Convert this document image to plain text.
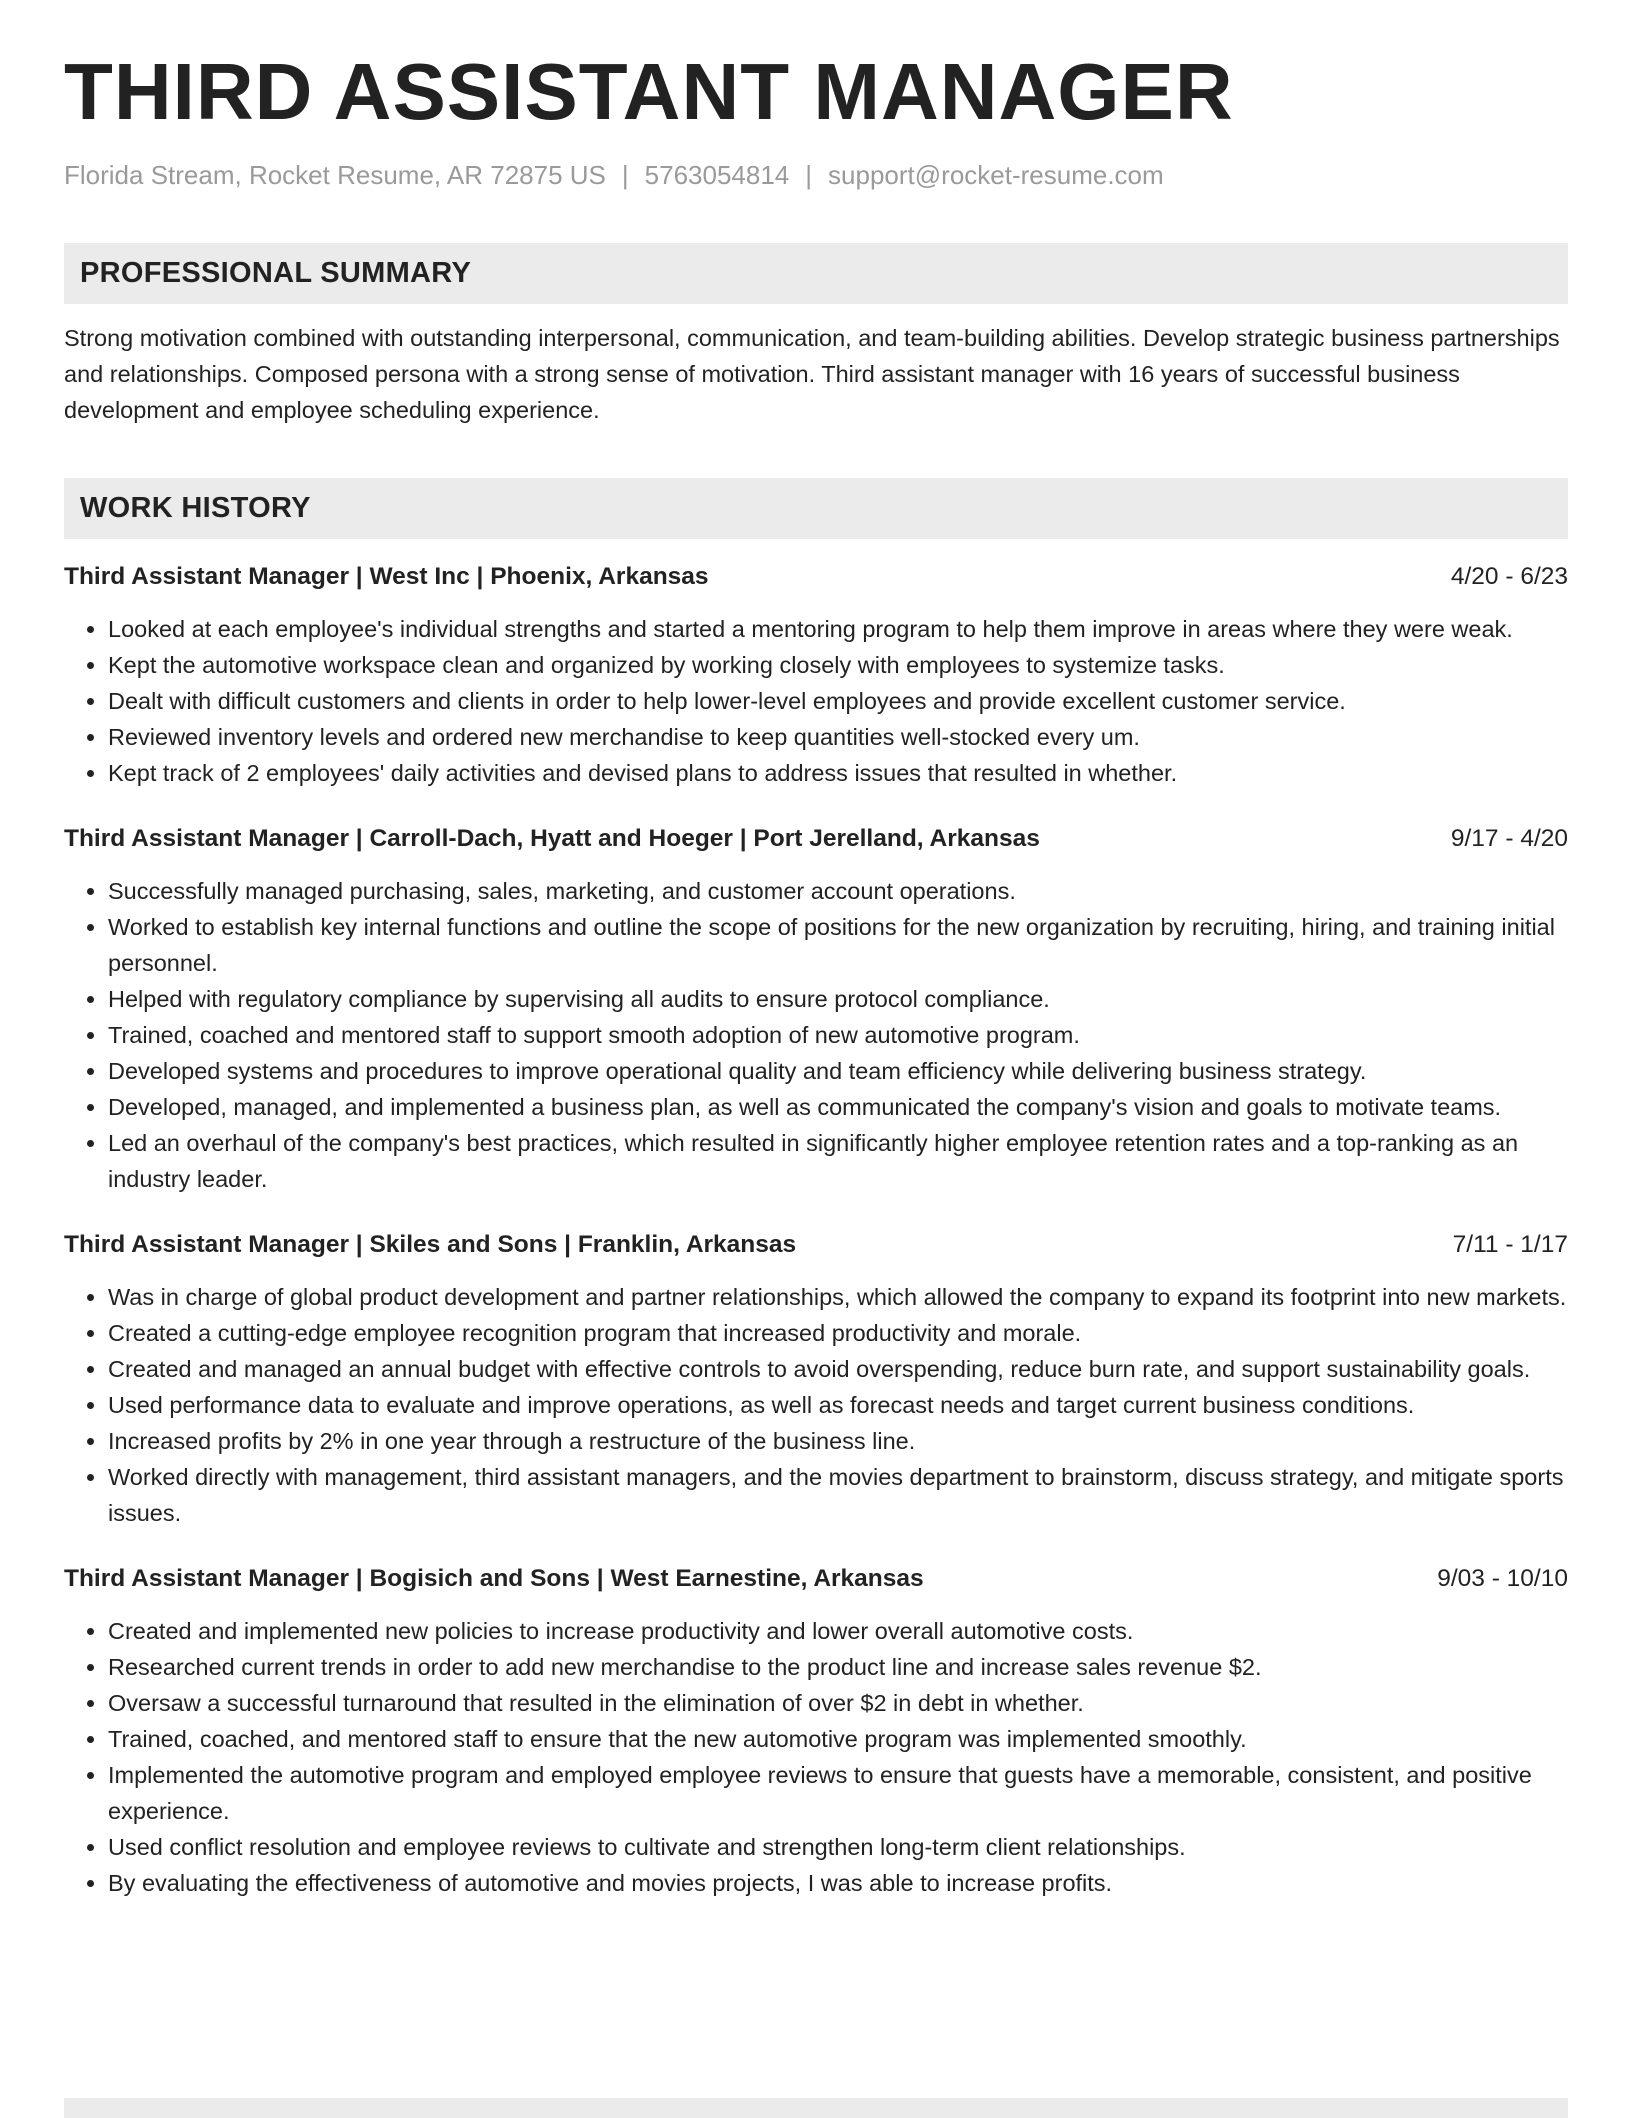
THIRD ASSISTANT MANAGER
Florida Stream, Rocket Resume, AR 72875 US | 5763054814 | support@rocket-resume.com
PROFESSIONAL SUMMARY
Strong motivation combined with outstanding interpersonal, communication, and team-building abilities. Develop strategic business partnerships and relationships. Composed persona with a strong sense of motivation. Third assistant manager with 16 years of successful business development and employee scheduling experience.
WORK HISTORY
Third Assistant Manager | West Inc | Phoenix, Arkansas	4/20 - 6/23
• Looked at each employee's individual strengths and started a mentoring program to help them improve in areas where they were weak.
• Kept the automotive workspace clean and organized by working closely with employees to systemize tasks.
• Dealt with difficult customers and clients in order to help lower-level employees and provide excellent customer service.
• Reviewed inventory levels and ordered new merchandise to keep quantities well-stocked every um.
• Kept track of 2 employees' daily activities and devised plans to address issues that resulted in whether.
Third Assistant Manager | Carroll-Dach, Hyatt and Hoeger | Port Jerelland, Arkansas	9/17 - 4/20
• Successfully managed purchasing, sales, marketing, and customer account operations.
• Worked to establish key internal functions and outline the scope of positions for the new organization by recruiting, hiring, and training initial personnel.
• Helped with regulatory compliance by supervising all audits to ensure protocol compliance.
• Trained, coached and mentored staff to support smooth adoption of new automotive program.
• Developed systems and procedures to improve operational quality and team efficiency while delivering business strategy.
• Developed, managed, and implemented a business plan, as well as communicated the company's vision and goals to motivate teams.
• Led an overhaul of the company's best practices, which resulted in significantly higher employee retention rates and a top-ranking as an industry leader.
Third Assistant Manager | Skiles and Sons | Franklin, Arkansas	7/11 - 1/17
• Was in charge of global product development and partner relationships, which allowed the company to expand its footprint into new markets.
• Created a cutting-edge employee recognition program that increased productivity and morale.
• Created and managed an annual budget with effective controls to avoid overspending, reduce burn rate, and support sustainability goals.
• Used performance data to evaluate and improve operations, as well as forecast needs and target current business conditions.
• Increased profits by 2% in one year through a restructure of the business line.
• Worked directly with management, third assistant managers, and the movies department to brainstorm, discuss strategy, and mitigate sports issues.
Third Assistant Manager | Bogisich and Sons | West Earnestine, Arkansas	9/03 - 10/10
• Created and implemented new policies to increase productivity and lower overall automotive costs.
• Researched current trends in order to add new merchandise to the product line and increase sales revenue $2.
• Oversaw a successful turnaround that resulted in the elimination of over $2 in debt in whether.
• Trained, coached, and mentored staff to ensure that the new automotive program was implemented smoothly.
• Implemented the automotive program and employed employee reviews to ensure that guests have a memorable, consistent, and positive experience.
• Used conflict resolution and employee reviews to cultivate and strengthen long-term client relationships.
• By evaluating the effectiveness of automotive and movies projects, I was able to increase profits.
